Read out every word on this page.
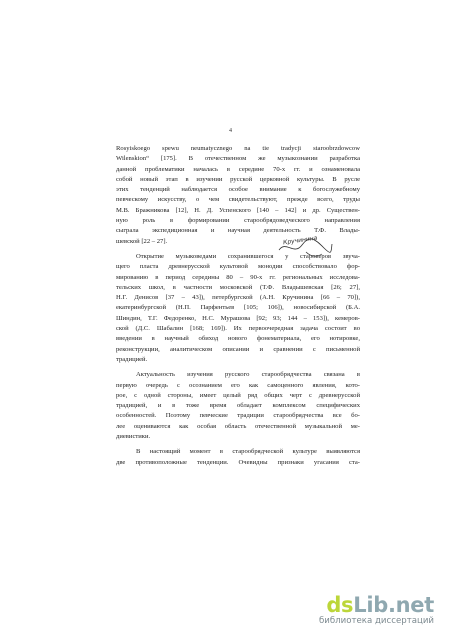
4
Rosyiskoego spewu neumatycznego na tie tradycji staroobrzdowcow
Wilenskion“ [175]. В отечественном же музыкознании разработка
данной проблематики началась в середине 70-х гг. и ознаменовала
собой новый этап в изучении русской церковной культуры. В русле
этих тенденций наблюдается особое внимание к богослужебному
певческому искусству, о чем свидетельствуют, прежде всего, труды
М.В. Бражникова [12], Н. Д. Успенского [140 – 142] и др. Существен-
ную роль в формировании старообрядоведческого направления
сыграла экспедиционная и научная деятельность Т.Ф. Влады-
шевской [22 – 27].
Открытие музыковедами сохранившегося у староверов звуча-
щего пласта древнерусской культовой монодии способствовало фор-
мированию в период середины 80 – 90-х гг. региональных исследова-
тельских школ, в частности московской (Т.Ф. Владышевская [26; 27],
Н.Г. Денисов [37 – 43]), петербургской (А.Н. Кручинина [66 – 70]),
екатеринбургской (Н.П. Парфентьев [105; 106]), новосибирской (Б.А.
Шиндин, Т.Г. Федоренко, Н.С. Мурашова [92; 93; 144 – 153]), кемеров-
ской (Д.С. Шабалин [168; 169]). Их первоочередная задача состоит во
введении в научный обиход нового фонематериала, его нотировке,
реконструкции, аналитическом описании и сравнении с письменной
традицией.
Актуальность изучения русского старообрядчества связана в
первую очередь с осознанием его как самоценного явления, кото-
рое, с одной стороны, имеет целый ряд общих черт с древнерусской
традицией, и в тоже время обладает комплексом специфических
особенностей. Поэтому певческие традиции старообрядчества все бо-
лее оцениваются как особая область отечественной музыкальной ме-
диевистики.
В настоящий момент в старообрядческой культуре выявляются
две противоположные тенденции. Очевидны признаки угасания ста-
Кручинина
dsLib.net
библиотека диссертаций
